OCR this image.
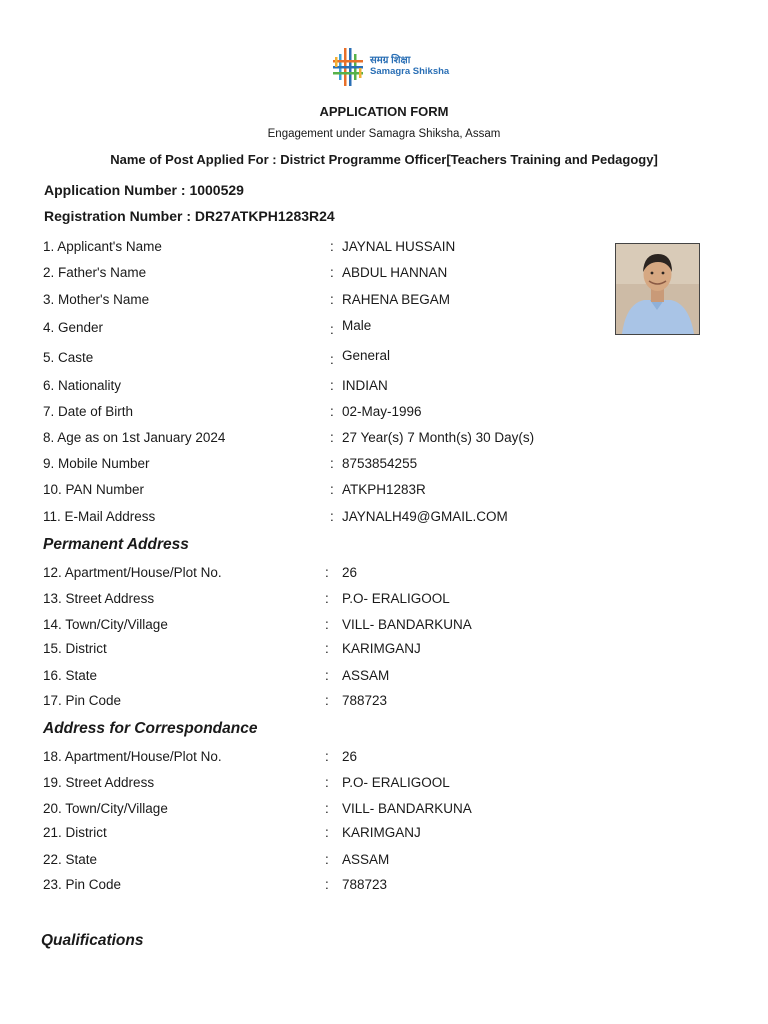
समग्र शिक्षा
Samagra Shiksha
APPLICATION FORM
Engagement under Samagra Shiksha, Assam
Name of Post Applied For : District Programme Officer[Teachers Training and Pedagogy]
Application Number : 1000529
Registration Number : DR27ATKPH1283R24
1. Applicant's Name	: JAYNAL HUSSAIN
2. Father's Name	: ABDUL HANNAN
3. Mother's Name	: RAHENA BEGAM
4. Gender	: Male
5. Caste	: General
6. Nationality	: INDIAN
7. Date of Birth	: 02-May-1996
8. Age as on 1st January 2024	: 27 Year(s) 7 Month(s) 30 Day(s)
9. Mobile Number	: 8753854255
10. PAN Number	: ATKPH1283R
11. E-Mail Address	: JAYNALH49@GMAIL.COM
Permanent Address
12. Apartment/House/Plot No.	: 26
13. Street Address	: P.O- ERALIGOOL
14. Town/City/Village	: VILL- BANDARKUNA
15. District	: KARIMGANJ
16. State	: ASSAM
17. Pin Code	: 788723
Address for Correspondance
18. Apartment/House/Plot No.	: 26
19. Street Address	: P.O- ERALIGOOL
20. Town/City/Village	: VILL- BANDARKUNA
21. District	: KARIMGANJ
22. State	: ASSAM
23. Pin Code	: 788723
Qualifications
